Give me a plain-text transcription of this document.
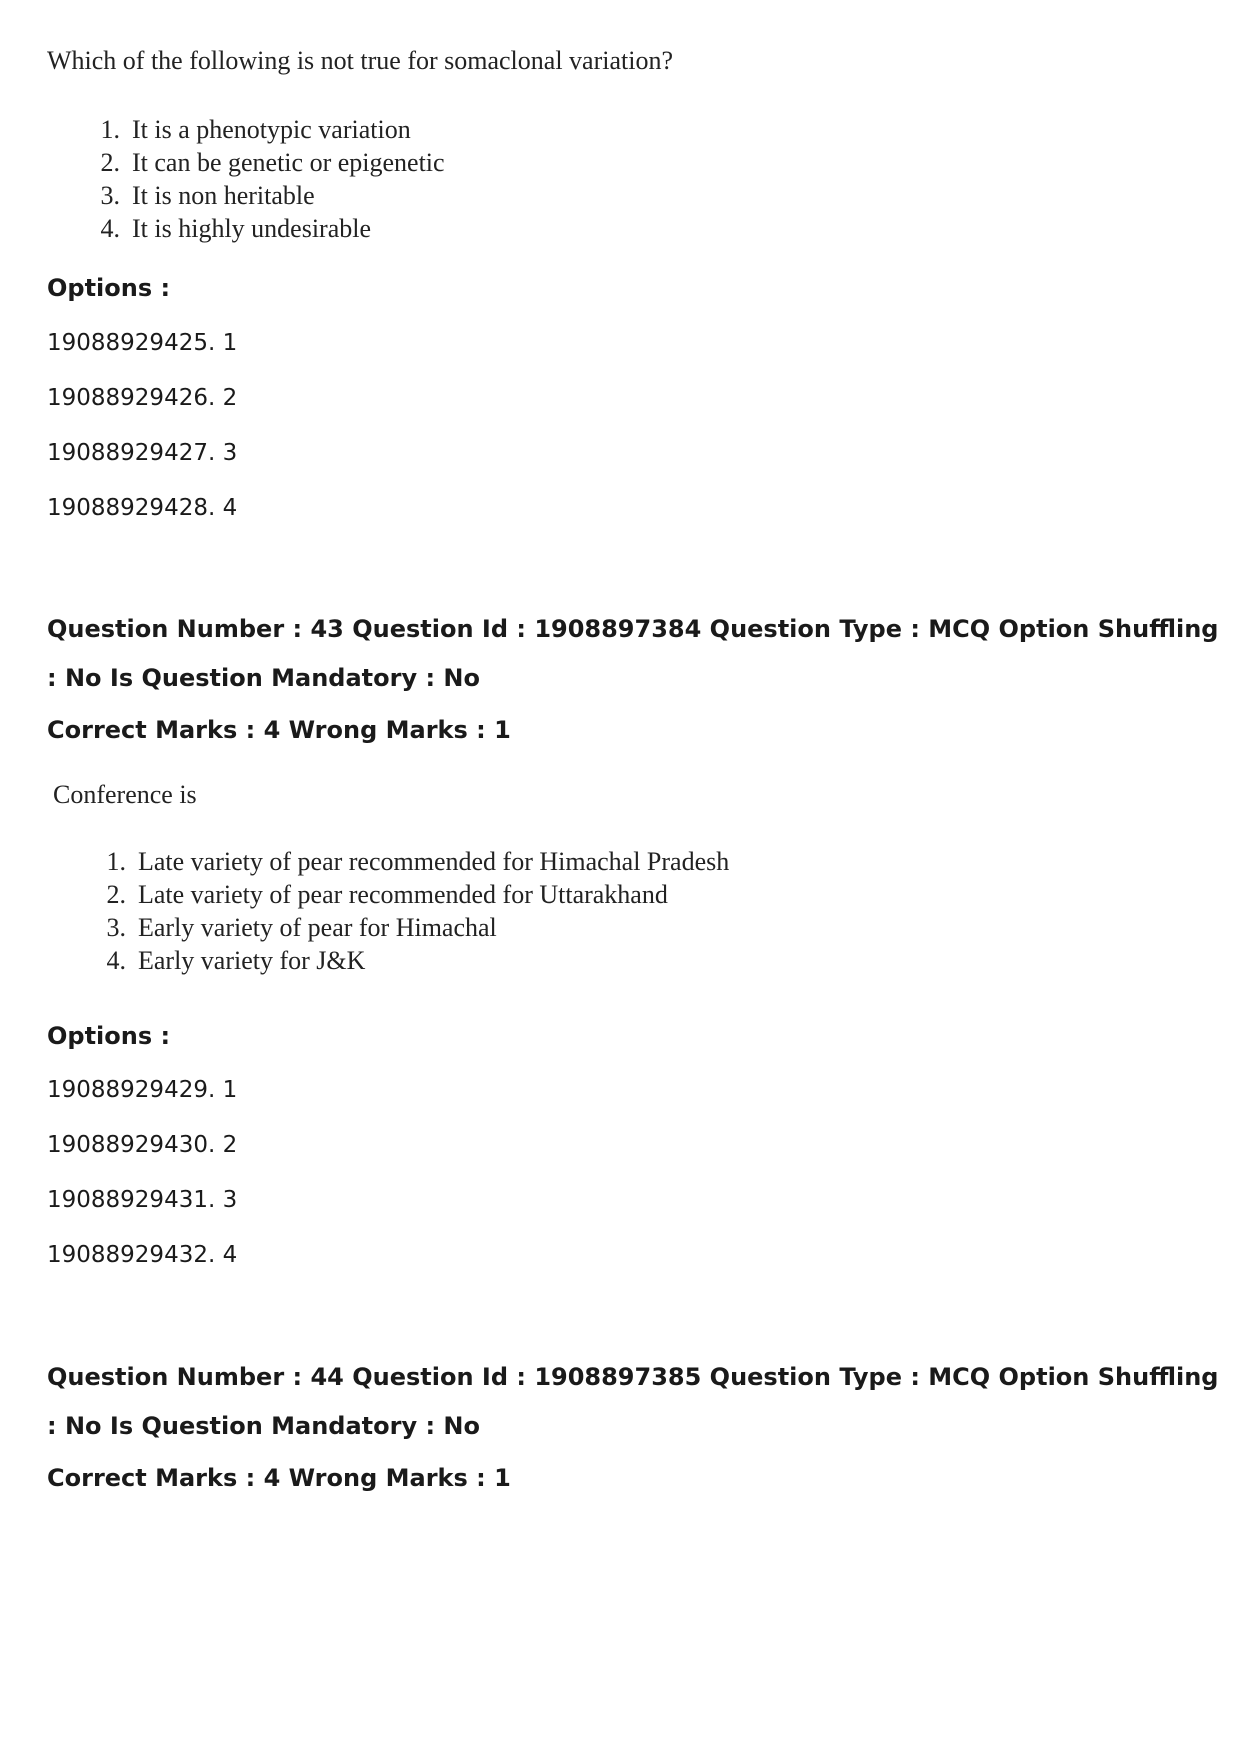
Which of the following is not true for somaclonal variation?
1. It is a phenotypic variation
2. It can be genetic or epigenetic
3. It is non heritable
4. It is highly undesirable
Options :
19088929425. 1
19088929426. 2
19088929427. 3
19088929428. 4
Question Number : 43 Question Id : 1908897384 Question Type : MCQ Option Shuffling : No Is Question Mandatory : No
Correct Marks : 4 Wrong Marks : 1
Conference is
1. Late variety of pear recommended for Himachal Pradesh
2. Late variety of pear recommended for Uttarakhand
3. Early variety of pear for Himachal
4. Early variety for J&K
Options :
19088929429. 1
19088929430. 2
19088929431. 3
19088929432. 4
Question Number : 44 Question Id : 1908897385 Question Type : MCQ Option Shuffling : No Is Question Mandatory : No
Correct Marks : 4 Wrong Marks : 1
